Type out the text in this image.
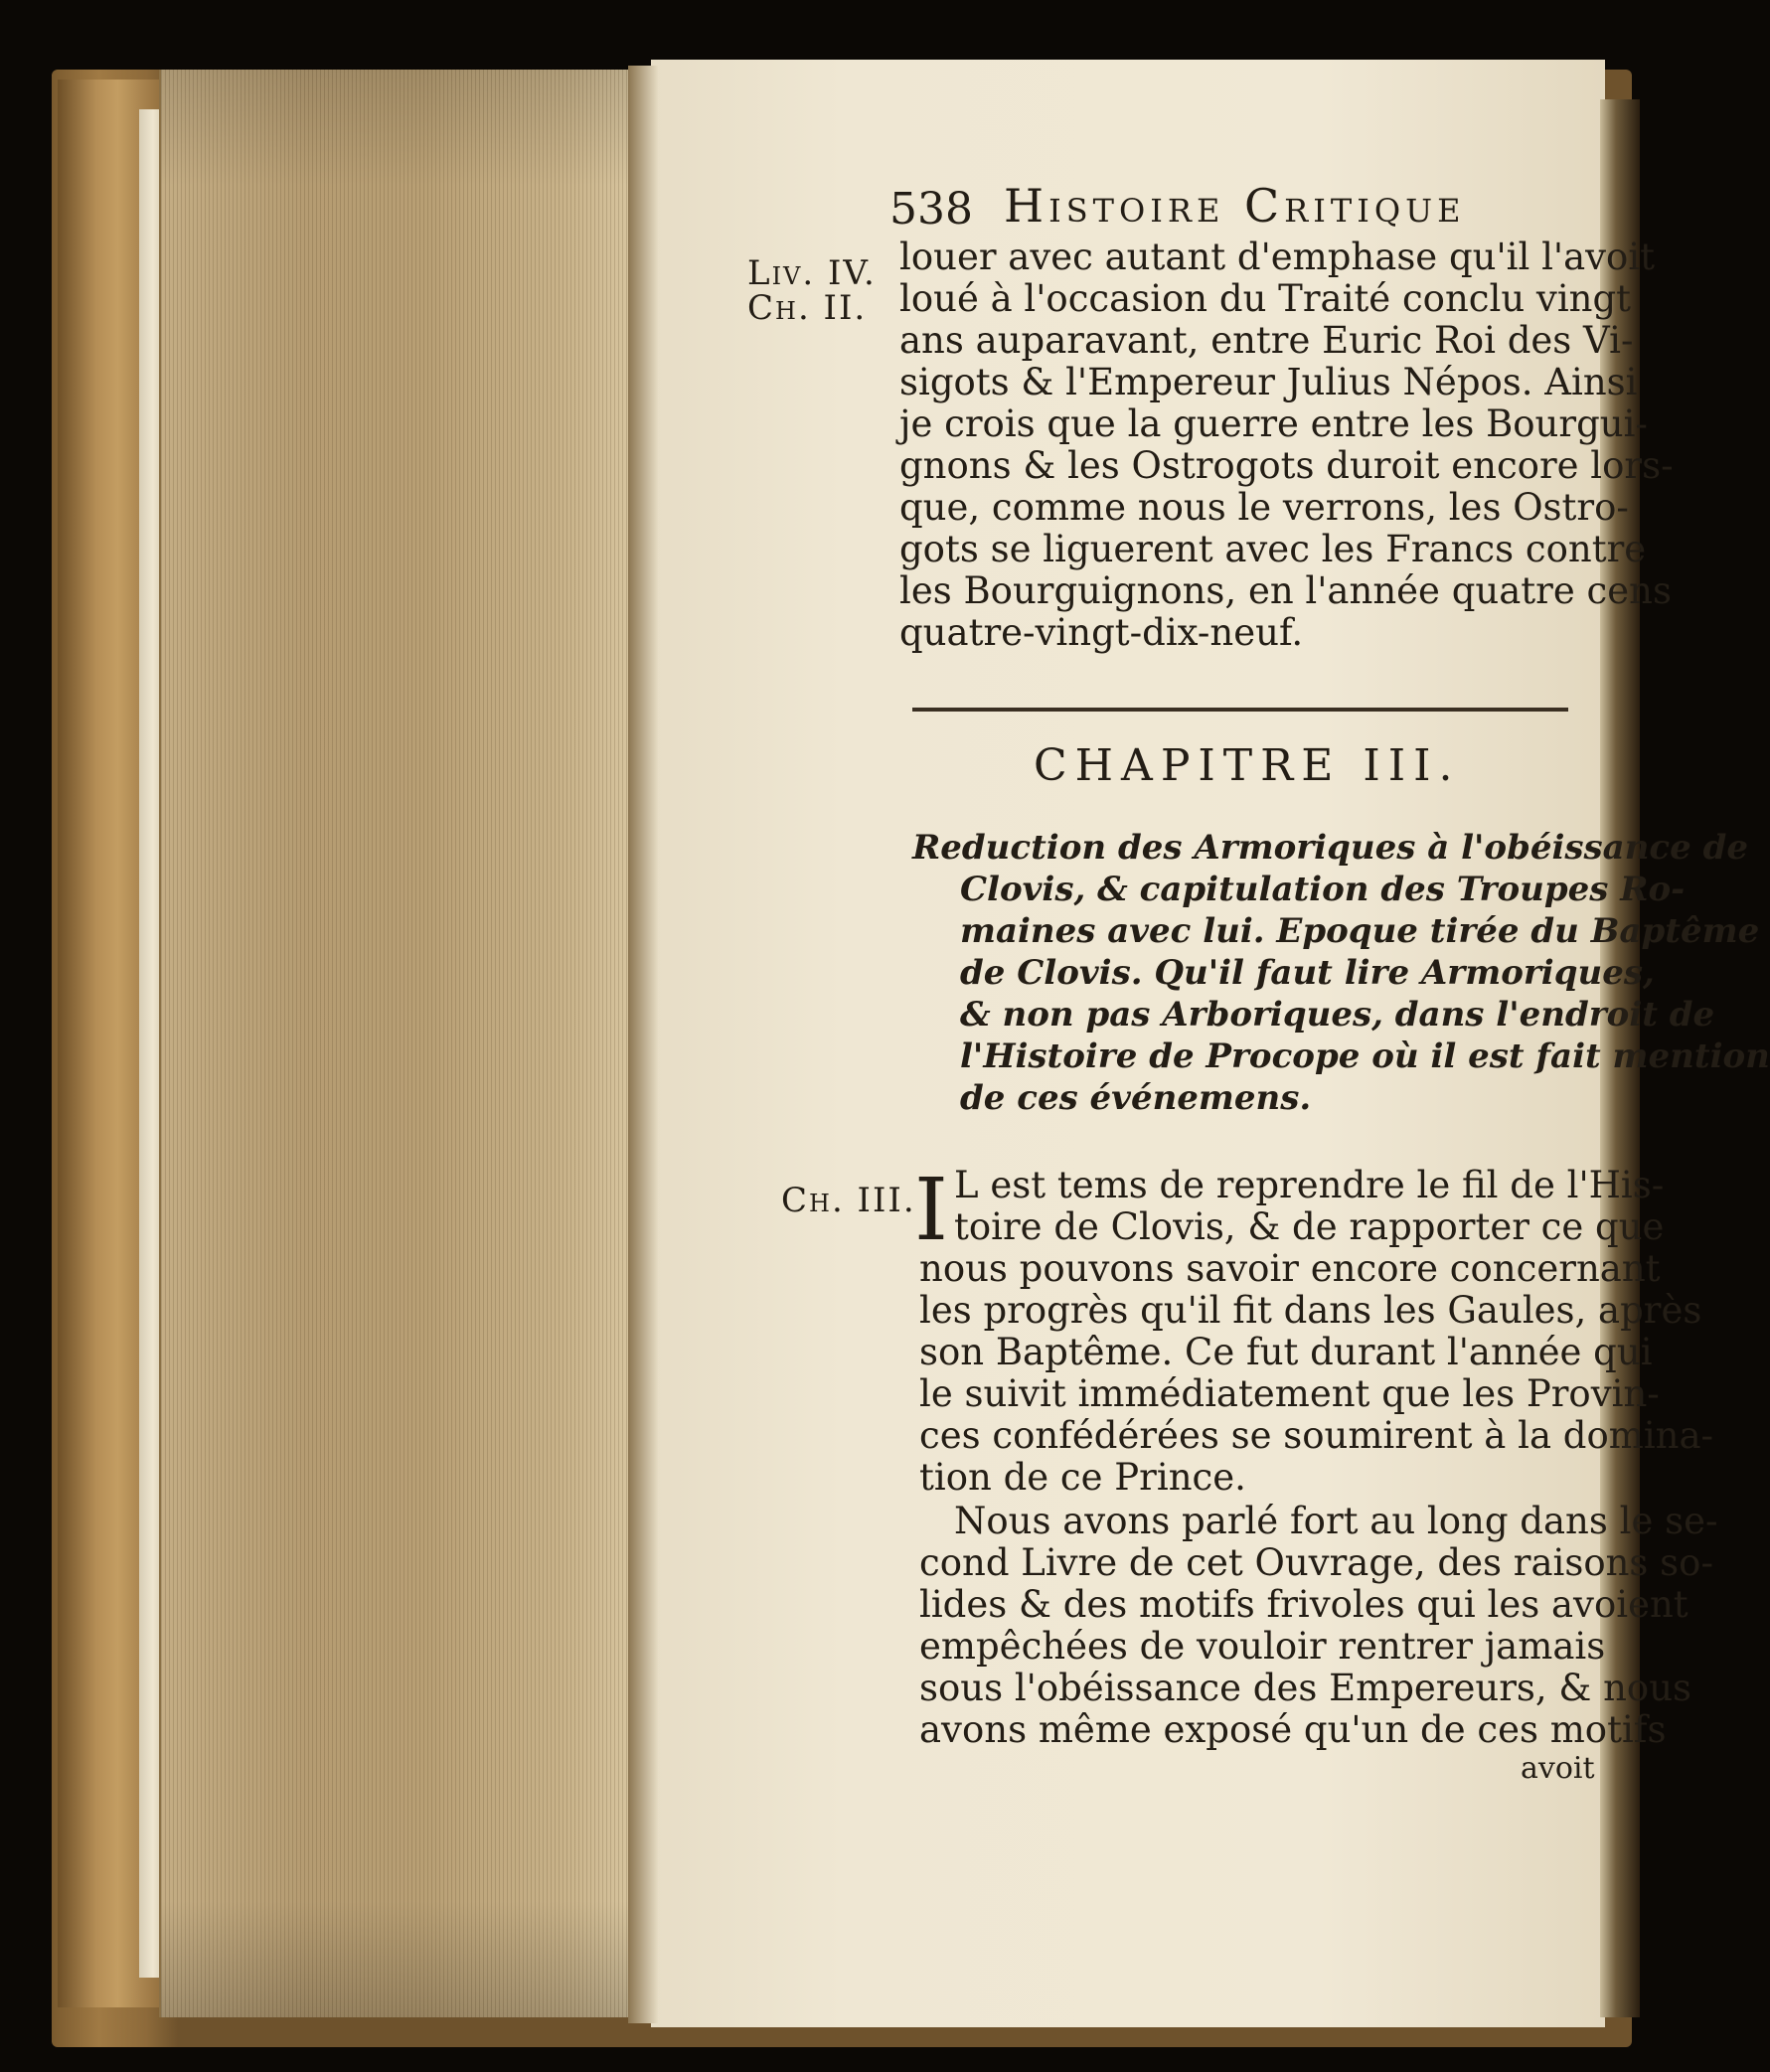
538 Histoire Critique
Liv. IV.
Ch. II.
Ch. III.
louer avec autant d'emphase qu'il l'avoit
loué à l'occasion du Traité conclu vingt
ans auparavant, entre Euric Roi des Vi-
sigots & l'Empereur Julius Népos. Ainsi
je crois que la guerre entre les Bourgui-
gnons & les Ostrogots duroit encore lors-
que, comme nous le verrons, les Ostro-
gots se liguerent avec les Francs contre
les Bourguignons, en l'année quatre cens
quatre-vingt-dix-neuf.
CHAPITRE III.
Reduction des Armoriques à l'obéissance de
Clovis, & capitulation des Troupes Ro-
maines avec lui. Epoque tirée du Baptême
de Clovis. Qu'il faut lire Armoriques,
& non pas Arboriques, dans l'endroit de
l'Histoire de Procope où il est fait mention
de ces événemens.
I L est tems de reprendre le fil de l'His-
toire de Clovis, & de rapporter ce que
nous pouvons savoir encore concernant
les progrès qu'il fit dans les Gaules, après
son Baptême. Ce fut durant l'année qui
le suivit immédiatement que les Provin-
ces confédérées se soumirent à la domina-
tion de ce Prince.
Nous avons parlé fort au long dans le se-
cond Livre de cet Ouvrage, des raisons so-
lides & des motifs frivoles qui les avoient
empêchées de vouloir rentrer jamais
sous l'obéissance des Empereurs, & nous
avons même exposé qu'un de ces motifs
avoit
